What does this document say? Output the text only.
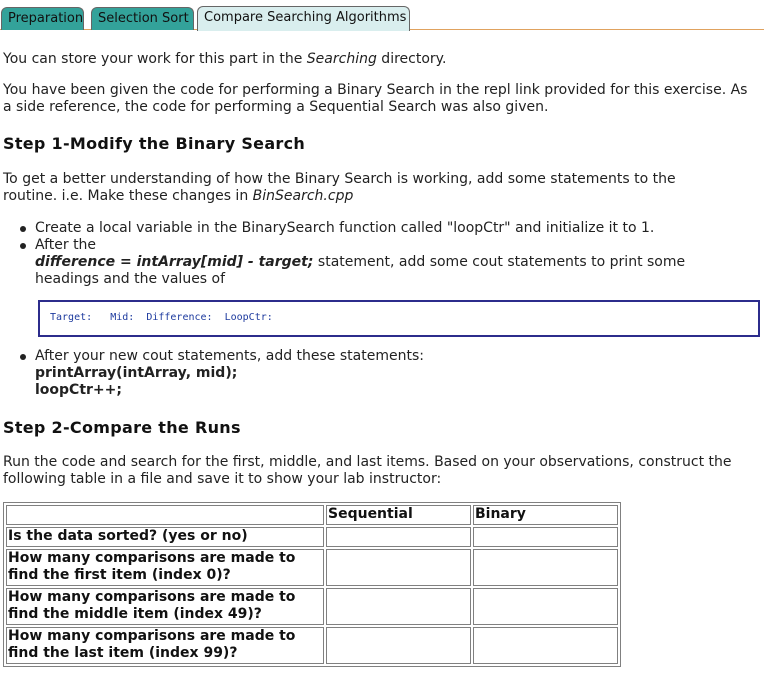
Preparation	Selection Sort	Compare Searching Algorithms

You can store your work for this part in the Searching directory.

You have been given the code for performing a Binary Search in the repl link provided for this exercise. As a side reference, the code for performing a Sequential Search was also given.

Step 1-Modify the Binary Search

To get a better understanding of how the Binary Search is working, add some statements to the routine. i.e. Make these changes in BinSearch.cpp

Create a local variable in the BinarySearch function called "loopCtr" and initialize it to 1.
After the
difference = intArray[mid] - target; statement, add some cout statements to print some headings and the values of
Target:   Mid:  Difference:  LoopCtr:
After your new cout statements, add these statements:
printArray(intArray, mid);
loopCtr++;
Step 2-Compare the Runs

Run the code and search for the first, middle, and last items. Based on your observations, construct the following table in a file and save it to show your lab instructor:

	Sequential	Binary
Is the data sorted? (yes or no)		
How many comparisons are made to find the first item (index 0)?		
How many comparisons are made to find the middle item (index 49)?		
How many comparisons are made to find the last item (index 99)?		
